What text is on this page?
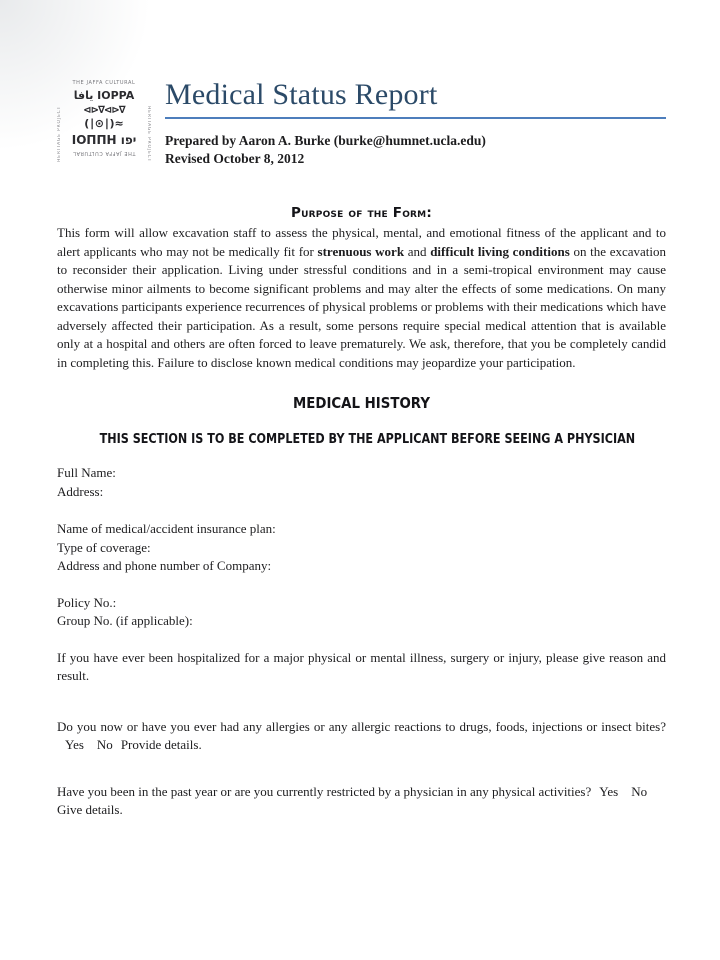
HERITAGE PROJECT	HERITAGE PROJECT
THE JAFFA CULTURAL
يافا IOPPA
⊲⊳∇⊲⊳∇
(∣⊙∣)≈
ΙΟΠΠΗ יפו
THE JAFFA CULTURAL
Medical Status Report
Prepared by Aaron A. Burke (burke@humnet.ucla.edu)
Revised October 8, 2012
Purpose of the Form:

This form will allow excavation staff to assess the physical, mental, and emotional fitness of the applicant and to alert applicants who may not be medically fit for strenuous work and difficult living conditions on the excavation to reconsider their application. Living under stressful conditions and in a semi-tropical environment may cause otherwise minor ailments to become significant problems and may alter the effects of some medications. On many excavations participants experience recurrences of physical problems or problems with their medications which have adversely affected their participation. As a result, some persons require special medical attention that is available only at a hospital and others are often forced to leave prematurely. We ask, therefore, that you be completely candid in completing this. Failure to disclose known medical conditions may jeopardize your participation.

MEDICAL HISTORY
THIS SECTION IS TO BE COMPLETED BY THE APPLICANT BEFORE SEEING A PHYSICIAN
Full Name:
Address:
Name of medical/accident insurance plan:
Type of coverage:
Address and phone number of Company:
Policy No.:
Group No. (if applicable):

If you have ever been hospitalized for a major physical or mental illness, surgery or injury, please give reason and result.

Do you now or have you ever had any allergies or any allergic reactions to drugs, foods, injections or insect bites?Yes No Provide details.

Have you been in the past year or are you currently restricted by a physician in any physical activities? Yes No

Give details.
